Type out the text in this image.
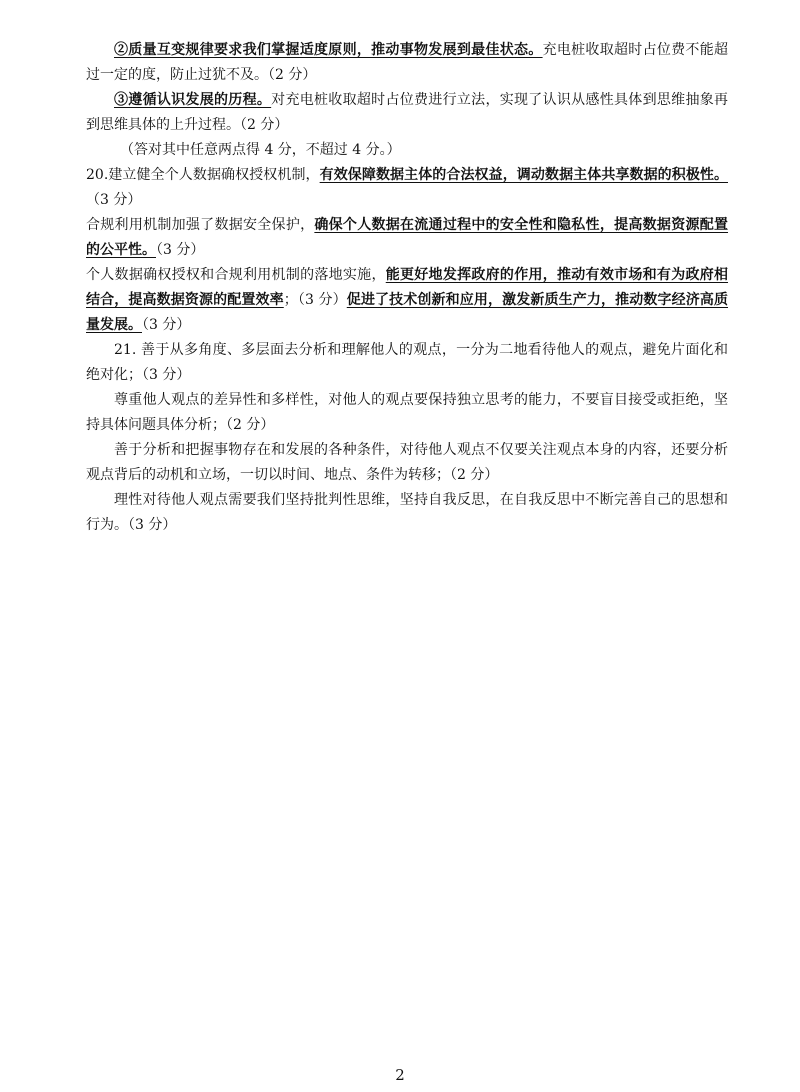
②质量互变规律要求我们掌握适度原则，推动事物发展到最佳状态。充电桩收取超时占位费不能超过一定的度，防止过犹不及。（2 分）

③遵循认识发展的历程。对充电桩收取超时占位费进行立法，实现了认识从感性具体到思维抽象再到思维具体的上升过程。（2 分）

（答对其中任意两点得 4 分，不超过 4 分。）

20.建立健全个人数据确权授权机制，有效保障数据主体的合法权益，调动数据主体共享数据的积极性。（3 分）

合规利用机制加强了数据安全保护，确保个人数据在流通过程中的安全性和隐私性，提高数据资源配置的公平性。（3 分）

个人数据确权授权和合规利用机制的落地实施，能更好地发挥政府的作用，推动有效市场和有为政府相结合，提高数据资源的配置效率；（3 分）促进了技术创新和应用，激发新质生产力，推动数字经济高质量发展。（3 分）

21. 善于从多角度、多层面去分析和理解他人的观点，一分为二地看待他人的观点，避免片面化和绝对化；（3 分）

尊重他人观点的差异性和多样性，对他人的观点要保持独立思考的能力，不要盲目接受或拒绝，坚持具体问题具体分析；（2 分）

善于分析和把握事物存在和发展的各种条件，对待他人观点不仅要关注观点本身的内容，还要分析观点背后的动机和立场，一切以时间、地点、条件为转移；（2 分）

理性对待他人观点需要我们坚持批判性思维，坚持自我反思，在自我反思中不断完善自己的思想和行为。（3 分）

2
